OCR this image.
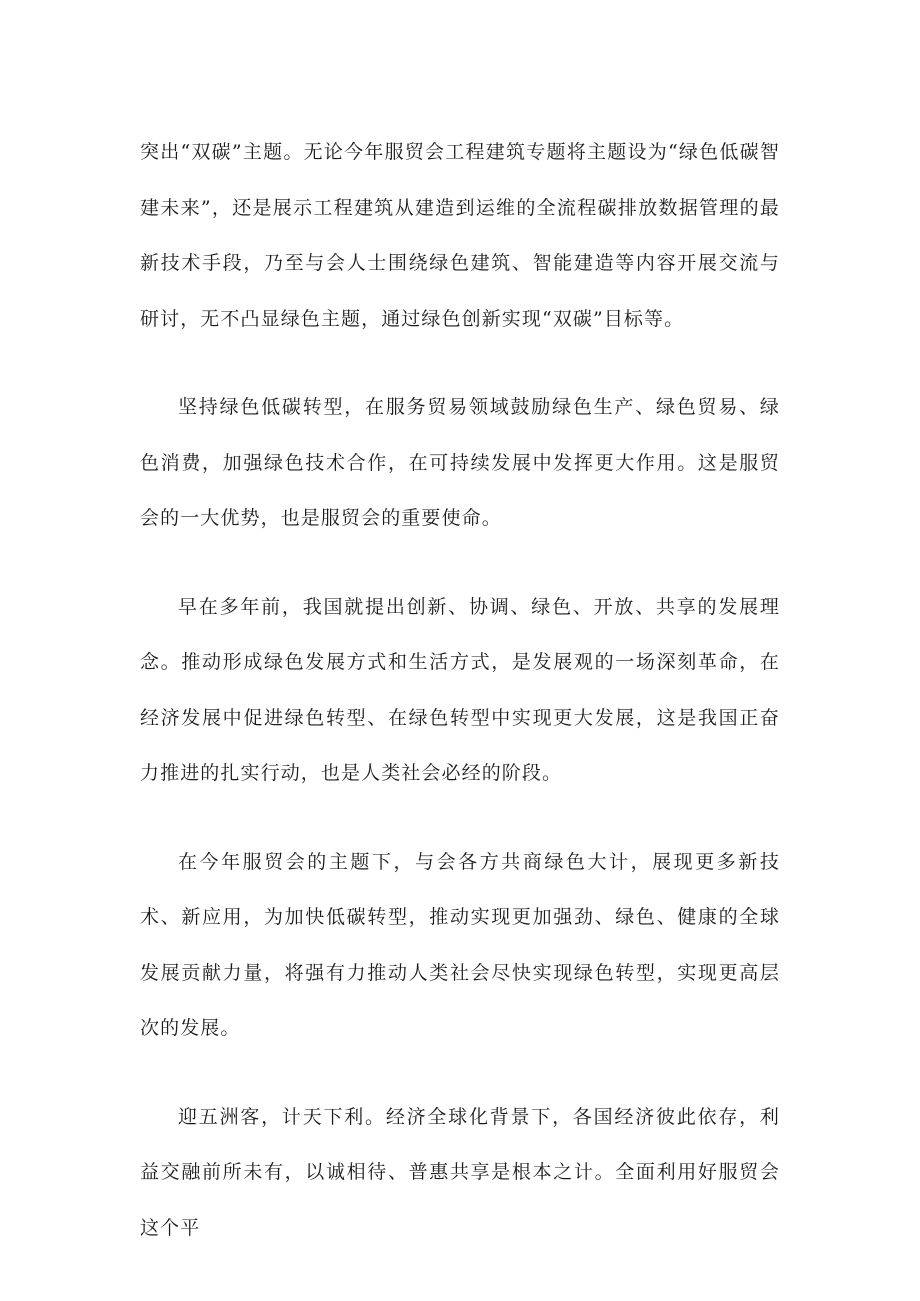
突出“双碳”主题。无论今年服贸会工程建筑专题将主题设为“绿色低碳智建未来”，还是展示工程建筑从建造到运维的全流程碳排放数据管理的最新技术手段，乃至与会人士围绕绿色建筑、智能建造等内容开展交流与研讨，无不凸显绿色主题，通过绿色创新实现“双碳”目标等。

坚持绿色低碳转型，在服务贸易领域鼓励绿色生产、绿色贸易、绿色消费，加强绿色技术合作，在可持续发展中发挥更大作用。这是服贸会的一大优势，也是服贸会的重要使命。

早在多年前，我国就提出创新、协调、绿色、开放、共享的发展理念。推动形成绿色发展方式和生活方式，是发展观的一场深刻革命，在经济发展中促进绿色转型、在绿色转型中实现更大发展，这是我国正奋力推进的扎实行动，也是人类社会必经的阶段。

在今年服贸会的主题下，与会各方共商绿色大计，展现更多新技术、新应用，为加快低碳转型，推动实现更加强劲、绿色、健康的全球发展贡献力量，将强有力推动人类社会尽快实现绿色转型，实现更高层次的发展。

迎五洲客，计天下利。经济全球化背景下，各国经济彼此依存，利益交融前所未有，以诚相待、普惠共享是根本之计。全面利用好服贸会这个平
